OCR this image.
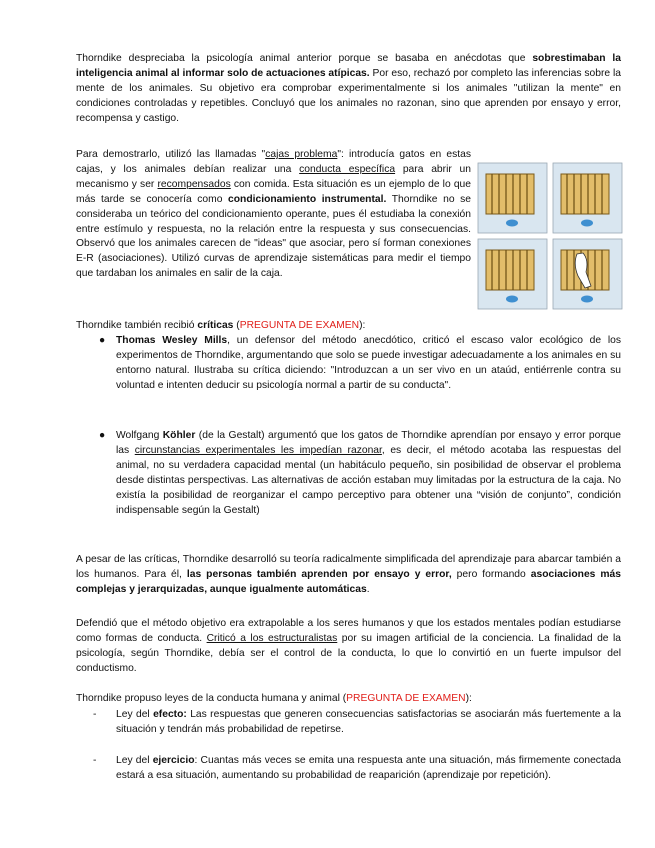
Thorndike despreciaba la psicología animal anterior porque se basaba en anécdotas que sobrestimaban la inteligencia animal al informar solo de actuaciones atípicas. Por eso, rechazó por completo las inferencias sobre la mente de los animales. Su objetivo era comprobar experimentalmente si los animales "utilizan la mente" en condiciones controladas y repetibles. Concluyó que los animales no razonan, sino que aprenden por ensayo y error, recompensa y castigo.

Para demostrarlo, utilizó las llamadas "cajas problema": introducía gatos en estas cajas, y los animales debían realizar una conducta específica para abrir un mecanismo y ser recompensados con comida. Esta situación es un ejemplo de lo que más tarde se conocería como condicionamiento instrumental. Thorndike no se consideraba un teórico del condicionamiento operante, pues él estudiaba la conexión entre estímulo y respuesta, no la relación entre la respuesta y sus consecuencias. Observó que los animales carecen de "ideas" que asociar, pero sí forman conexiones E-R (asociaciones). Utilizó curvas de aprendizaje sistemáticas para medir el tiempo que tardaban los animales en salir de la caja.

Thorndike también recibió críticas (PREGUNTA DE EXAMEN):

● Thomas Wesley Mills, un defensor del método anecdótico, criticó el escaso valor ecológico de los experimentos de Thorndike, argumentando que solo se puede investigar adecuadamente a los animales en su entorno natural. Ilustraba su crítica diciendo: "Introduzcan a un ser vivo en un ataúd, entiérrenle contra su voluntad e intenten deducir su psicología normal a partir de su conducta".

● Wolfgang Köhler (de la Gestalt) argumentó que los gatos de Thorndike aprendían por ensayo y error porque las circunstancias experimentales les impedían razonar, es decir, el método acotaba las respuestas del animal, no su verdadera capacidad mental (un habitáculo pequeño, sin posibilidad de observar el problema desde distintas perspectivas. Las alternativas de acción estaban muy limitadas por la estructura de la caja. No existía la posibilidad de reorganizar el campo perceptivo para obtener una “visión de conjunto”, condición indispensable según la Gestalt)

A pesar de las críticas, Thorndike desarrolló su teoría radicalmente simplificada del aprendizaje para abarcar también a los humanos. Para él, las personas también aprenden por ensayo y error, pero formando asociaciones más complejas y jerarquizadas, aunque igualmente automáticas.

Defendió que el método objetivo era extrapolable a los seres humanos y que los estados mentales podían estudiarse como formas de conducta. Criticó a los estructuralistas por su imagen artificial de la conciencia. La finalidad de la psicología, según Thorndike, debía ser el control de la conducta, lo que lo convirtió en un fuerte impulsor del conductismo.

Thorndike propuso leyes de la conducta humana y animal (PREGUNTA DE EXAMEN):

- Ley del efecto: Las respuestas que generen consecuencias satisfactorias se asociarán más fuertemente a la situación y tendrán más probabilidad de repetirse.

- Ley del ejercicio: Cuantas más veces se emita una respuesta ante una situación, más firmemente conectada estará a esa situación, aumentando su probabilidad de reaparición (aprendizaje por repetición).
